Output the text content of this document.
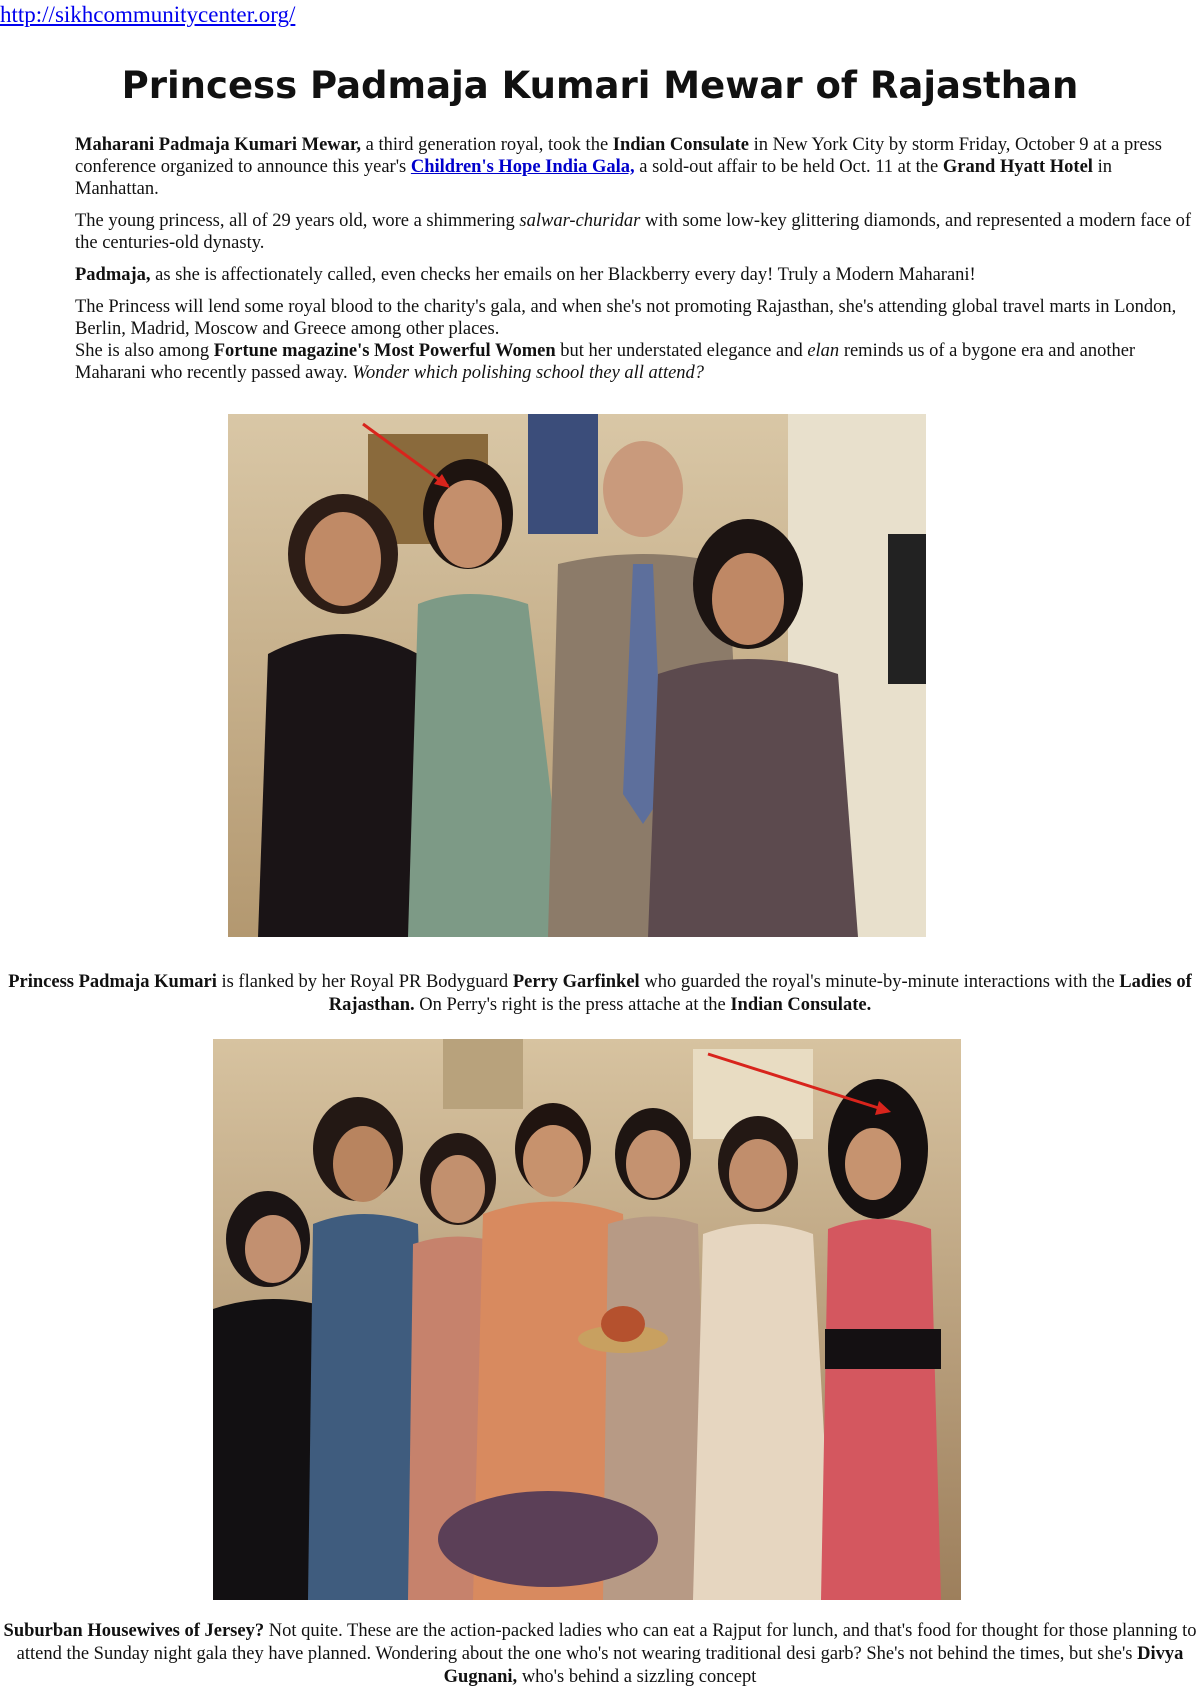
http://sikhcommunitycenter.org/
Princess Padmaja Kumari Mewar of Rajasthan

Maharani Padmaja Kumari Mewar, a third generation royal, took the Indian Consulate in New York City by storm Friday, October 9 at a press conference organized to announce this year's Children's Hope India Gala, a sold-out affair to be held Oct. 11 at the Grand Hyatt Hotel in Manhattan.

The young princess, all of 29 years old, wore a shimmering salwar-churidar with some low-key glittering diamonds, and represented a modern face of the centuries-old dynasty.

Padmaja, as she is affectionately called, even checks her emails on her Blackberry every day! Truly a Modern Maharani!

The Princess will lend some royal blood to the charity's gala, and when she's not promoting Rajasthan, she's attending global travel marts in London, Berlin, Madrid, Moscow and Greece among other places.

She is also among Fortune magazine's Most Powerful Women but her understated elegance and elan reminds us of a bygone era and another Maharani who recently passed away. Wonder which polishing school they all attend?

Princess Padmaja Kumari is flanked by her Royal PR Bodyguard Perry Garfinkel who guarded the royal's minute-by-minute interactions with the Ladies of Rajasthan. On Perry's right is the press attache at the Indian Consulate.
Suburban Housewives of Jersey? Not quite. These are the action-packed ladies who can eat a Rajput for lunch, and that's food for thought for those planning to attend the Sunday night gala they have planned. Wondering about the one who's not wearing traditional desi garb? She's not behind the times, but she's Divya Gugnani, who's behind a sizzling concept
